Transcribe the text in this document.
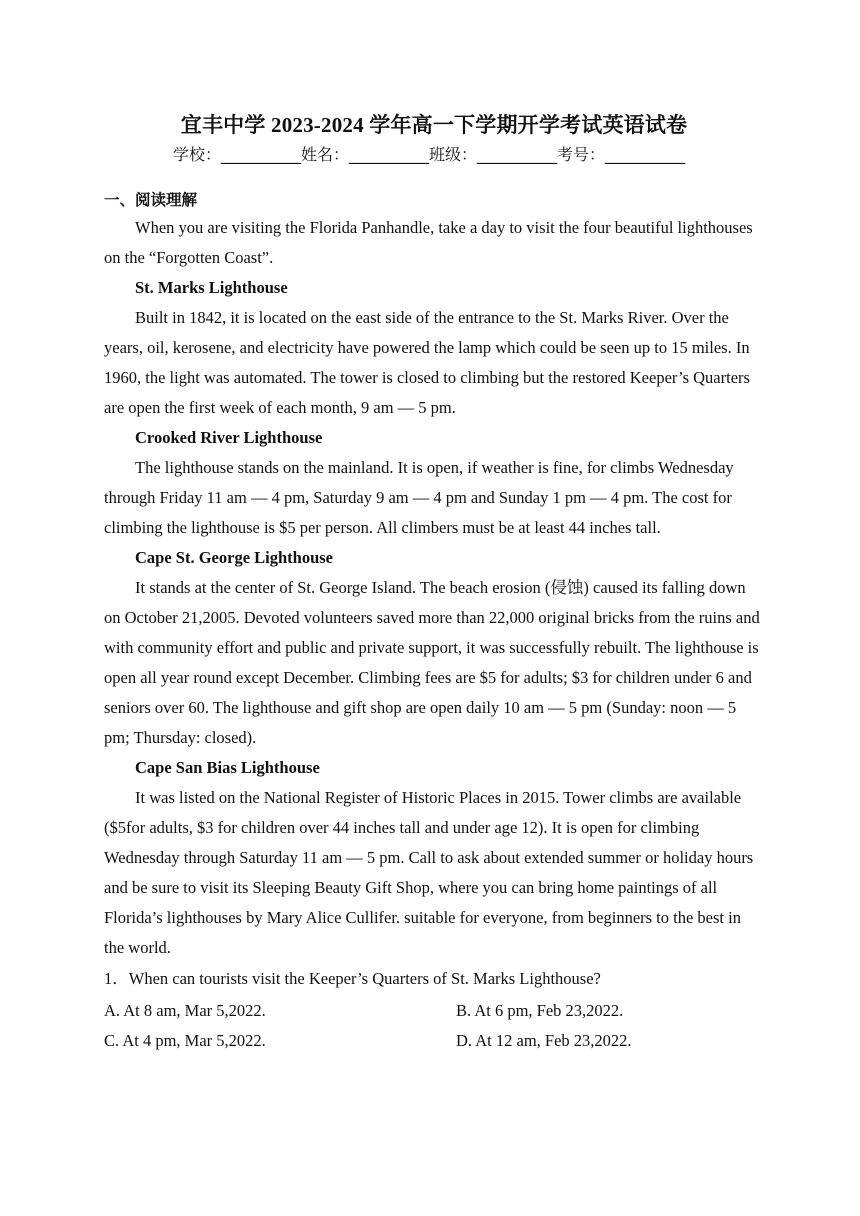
宜丰中学 2023-2024 学年高一下学期开学考试英语试卷

学校：__________姓名：__________班级：__________考号：__________

一、阅读理解

When you are visiting the Florida Panhandle, take a day to visit the four beautiful lighthouses on the “Forgotten Coast”.

St. Marks Lighthouse

Built in 1842, it is located on the east side of the entrance to the St. Marks River. Over the years, oil, kerosene, and electricity have powered the lamp which could be seen up to 15 miles. In 1960, the light was automated. The tower is closed to climbing but the restored Keeper’s Quarters are open the first week of each month, 9 am — 5 pm.

Crooked River Lighthouse

The lighthouse stands on the mainland. It is open, if weather is fine, for climbs Wednesday through Friday 11 am — 4 pm, Saturday 9 am — 4 pm and Sunday 1 pm — 4 pm. The cost for climbing the lighthouse is $5 per person. All climbers must be at least 44 inches tall.

Cape St. George Lighthouse

It stands at the center of St. George Island. The beach erosion (侵蚀) caused its falling down on October 21,2005. Devoted volunteers saved more than 22,000 original bricks from the ruins and with community effort and public and private support, it was successfully rebuilt. The lighthouse is open all year round except December. Climbing fees are $5 for adults; $3 for children under 6 and seniors over 60. The lighthouse and gift shop are open daily 10 am — 5 pm (Sunday: noon — 5 pm; Thursday: closed).

Cape San Bias Lighthouse

It was listed on the National Register of Historic Places in 2015. Tower climbs are available ($5for adults, $3 for children over 44 inches tall and under age 12). It is open for climbing Wednesday through Saturday 11 am — 5 pm. Call to ask about extended summer or holiday hours and be sure to visit its Sleeping Beauty Gift Shop, where you can bring home paintings of all Florida’s lighthouses by Mary Alice Cullifer. suitable for everyone, from beginners to the best in the world.

1．When can tourists visit the Keeper’s Quarters of St. Marks Lighthouse?

A. At 8 am, Mar 5,2022.	B. At 6 pm, Feb 23,2022.
C. At 4 pm, Mar 5,2022.	D. At 12 am, Feb 23,2022.
